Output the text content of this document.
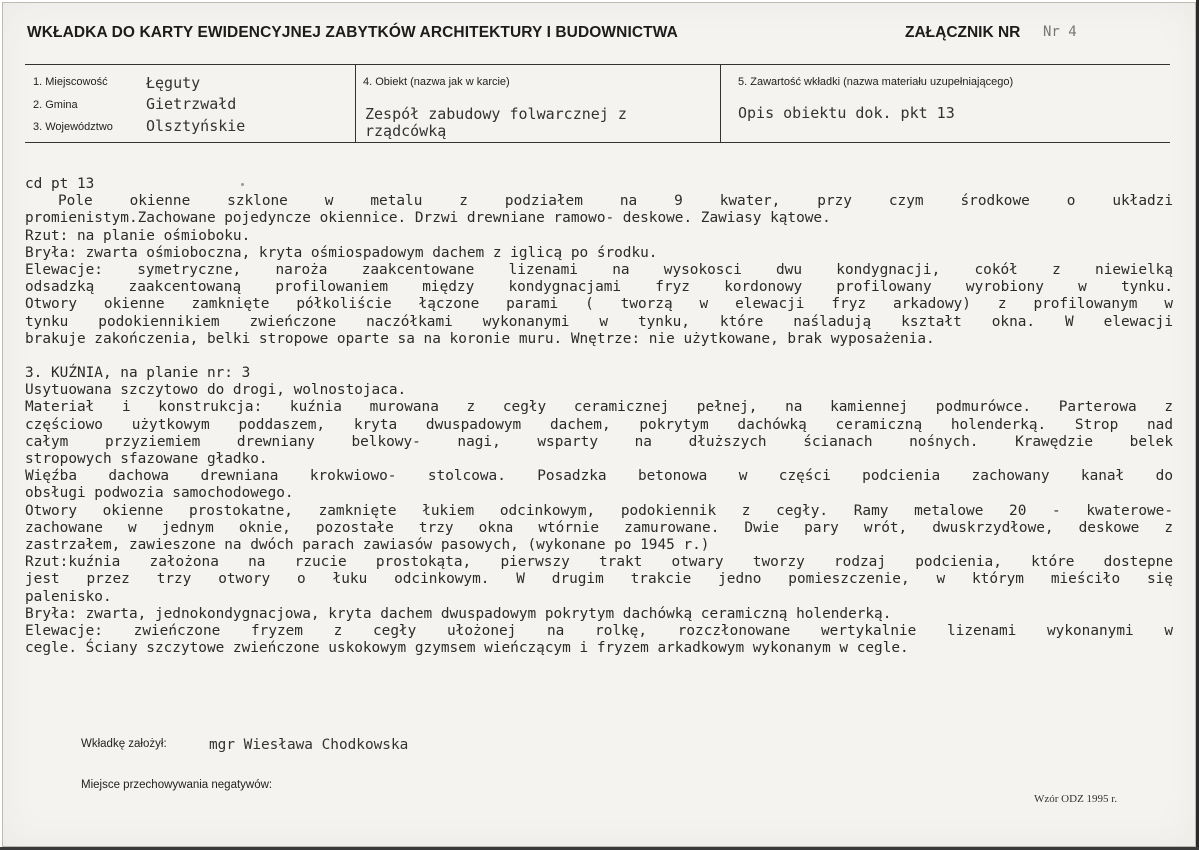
WKŁADKA DO KARTY EWIDENCYJNEJ ZABYTKÓW ARCHITEKTURY I BUDOWNICTWA	ZAŁĄCZNIK NR Nr 4
1. Miejscowość	Łęguty
2. Gmina	Gietrzwałd
3. Województwo Olsztyńskie
4. Obiekt (nazwa jak w karcie)
Zespół zabudowy folwarcznej z
rządcówką
5. Zawartość wkładki (nazwa materiału uzupełniającego)
Opis obiektu dok. pkt 13
cd pt 13
Pole okienne szklone w metalu z podziałem na 9 kwater, przy czym środkowe o układzi
promienistym.Zachowane pojedyncze okiennice. Drzwi drewniane ramowo- deskowe. Zawiasy kątowe.
Rzut: na planie ośmioboku.
Bryła: zwarta ośmioboczna, kryta ośmiospadowym dachem z iglicą po środku.
Elewacje: symetryczne, naroża zaakcentowane lizenami na wysokosci dwu kondygnacji, cokół z niewielką
odsadzką zaakcentowaną profilowaniem między kondygnacjami fryz kordonowy profilowany wyrobiony w tynku.
Otwory okienne zamknięte półkoliście łączone parami ( tworzą w elewacji fryz arkadowy) z profilowanym w
tynku podokiennikiem zwieńczone naczółkami wykonanymi w tynku, które naśladują kształt okna. W elewacji
brakuje zakończenia, belki stropowe oparte sa na koronie muru. Wnętrze: nie użytkowane, brak wyposażenia.
3. KUŹNIA, na planie nr: 3
Usytuowana szczytowo do drogi, wolnostojaca.
Materiał i konstrukcja: kuźnia murowana z cegły ceramicznej pełnej, na kamiennej podmurówce. Parterowa z
częściowo użytkowym poddaszem, kryta dwuspadowym dachem, pokrytym dachówką ceramiczną holenderką. Strop nad
całym przyziemiem drewniany belkowy- nagi, wsparty na dłuższych ścianach nośnych. Krawędzie belek
stropowych sfazowane gładko.
Więźba dachowa drewniana krokwiowo- stolcowa. Posadzka betonowa w części podcienia zachowany kanał do
obsługi podwozia samochodowego.
Otwory okienne prostokatne, zamknięte łukiem odcinkowym, podokiennik z cegły. Ramy metalowe 20 - kwaterowe-
zachowane w jednym oknie, pozostałe trzy okna wtórnie zamurowane. Dwie pary wrót, dwuskrzydłowe, deskowe z
zastrzałem, zawieszone na dwóch parach zawiasów pasowych, (wykonane po 1945 r.)
Rzut:kuźnia założona na rzucie prostokąta, pierwszy trakt otwary tworzy rodzaj podcienia, które dostepne
jest przez trzy otwory o łuku odcinkowym. W drugim trakcie jedno pomieszczenie, w którym mieściło się
palenisko.
Bryła: zwarta, jednokondygnacjowa, kryta dachem dwuspadowym pokrytym dachówką ceramiczną holenderką.
Elewacje: zwieńczone fryzem z cegły ułożonej na rolkę, rozczłonowane wertykalnie lizenami wykonanymi w
cegle. Ściany szczytowe zwieńczone uskokowym gzymsem wieńczącym i fryzem arkadkowym wykonanym w cegle.
Wkładkę założył:	mgr Wiesława Chodkowska
Miejsce przechowywania negatywów:
Wzór ODZ 1995 r.
